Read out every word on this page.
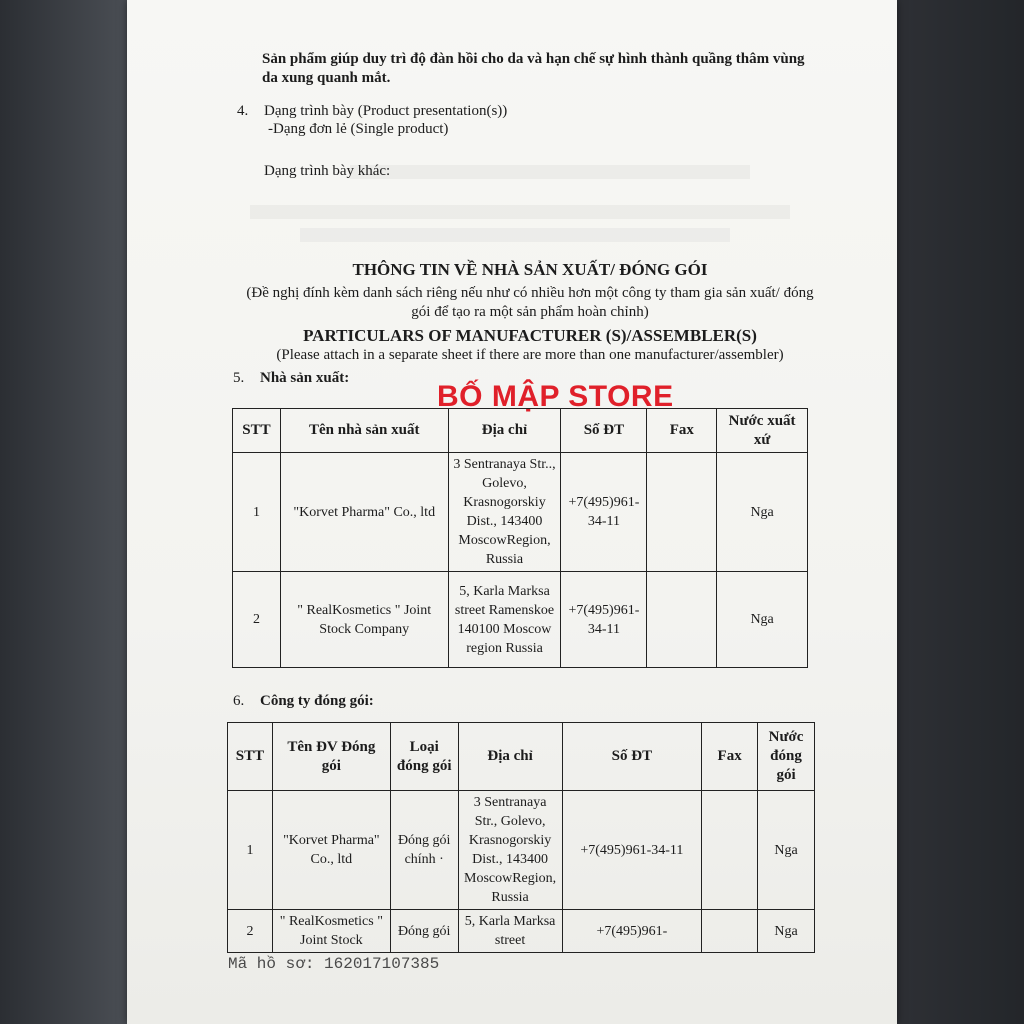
Sản phẩm giúp duy trì độ đàn hồi cho da và hạn chế sự hình thành quầng thâm vùng
da xung quanh mắt.
4. Dạng trình bày (Product presentation(s))
-Dạng đơn lẻ (Single product)
Dạng trình bày khác:
THÔNG TIN VỀ NHÀ SẢN XUẤT/ ĐÓNG GÓI
(Đề nghị đính kèm danh sách riêng nếu như có nhiều hơn một công ty tham gia sản xuất/ đóng
gói để tạo ra một sản phẩm hoàn chỉnh)
PARTICULARS OF MANUFACTURER (S)/ASSEMBLER(S)
(Please attach in a separate sheet if there are more than one manufacturer/assembler)
5. Nhà sản xuất:
BỐ MẬP STORE
STT	Tên nhà sản xuất	Địa chỉ	Số ĐT	Fax	Nước xuất xứ
1	"Korvet Pharma" Co., ltd	3 Sentranaya Str.., Golevo, Krasnogorskiy Dist., 143400 MoscowRegion, Russia	+7(495)961-34-11		Nga
2	" RealKosmetics " Joint Stock Company	5, Karla Marksa street Ramenskoe 140100 Moscow region Russia	+7(495)961-34-11		Nga
6. Công ty đóng gói:
STT	Tên ĐV Đóng gói	Loại đóng gói	Địa chỉ	Số ĐT	Fax	Nước đóng gói
1	"Korvet Pharma" Co., ltd	Đóng gói chính ·	3 Sentranaya Str., Golevo, Krasnogorskiy Dist., 143400 MoscowRegion, Russia	+7(495)961-34-11		Nga
2	" RealKosmetics " Joint Stock	Đóng gói	5, Karla Marksa street	+7(495)961-		Nga
Mã hồ sơ: 162017107385
